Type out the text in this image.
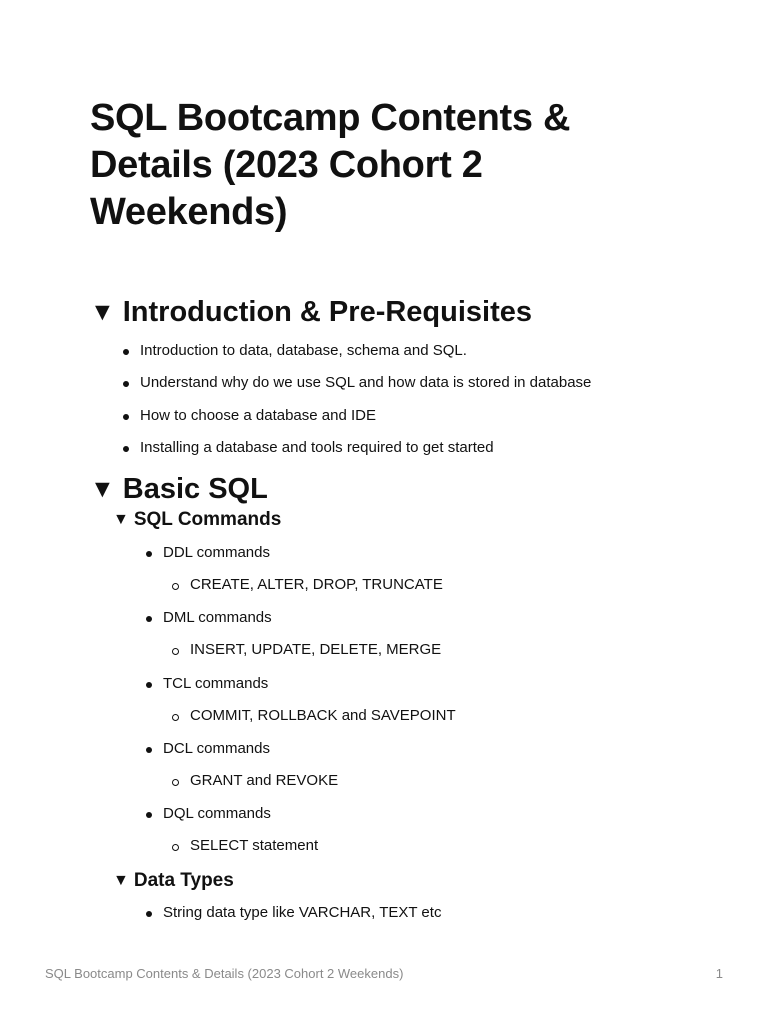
SQL Bootcamp Contents & Details (2023 Cohort 2 Weekends)
▼ Introduction & Pre-Requisites

Introduction to data, database, schema and SQL.

Understand why do we use SQL and how data is stored in database

How to choose a database and IDE

Installing a database and tools required to get started

▼ Basic SQL
▼ SQL Commands

DDL commands

CREATE, ALTER, DROP, TRUNCATE

DML commands

INSERT, UPDATE, DELETE, MERGE

TCL commands

COMMIT, ROLLBACK and SAVEPOINT

DCL commands

GRANT and REVOKE

DQL commands

SELECT statement

▼ Data Types

String data type like VARCHAR, TEXT etc

SQL Bootcamp Contents & Details (2023 Cohort 2 Weekends)	1
